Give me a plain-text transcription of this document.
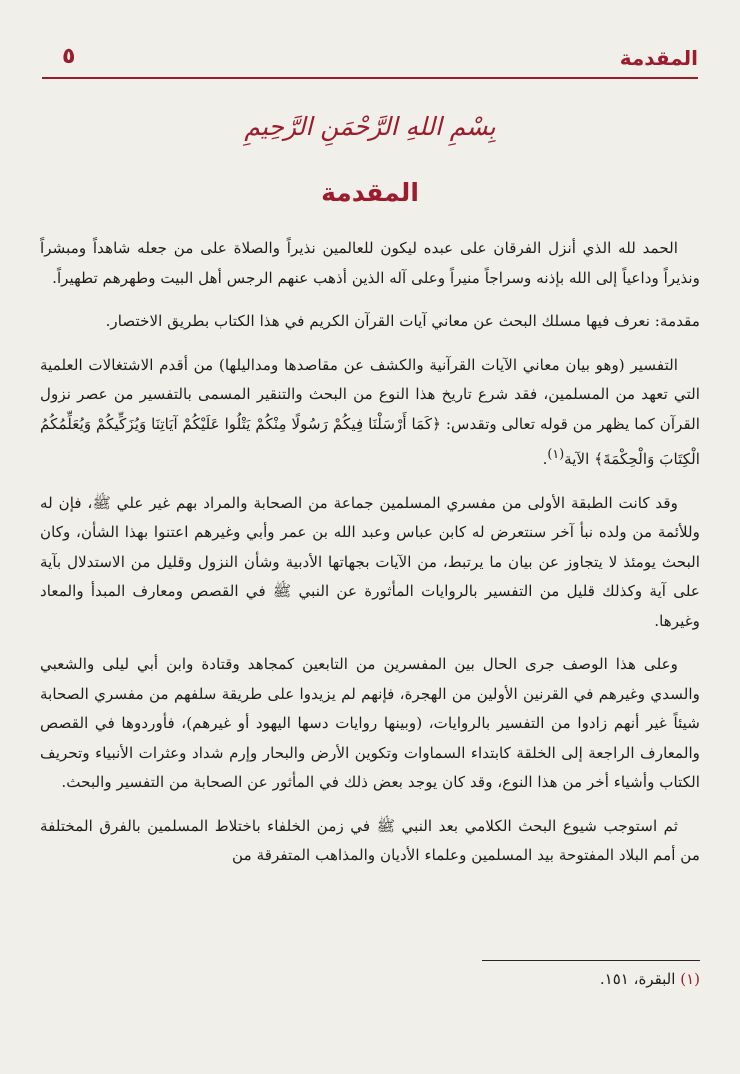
المقدمة
٥
بِسْمِ اللهِ الرَّحْمَنِ الرَّحِيمِ
المقدمة

الحمد لله الذي أنزل الفرقان على عبده ليكون للعالمين نذيراً والصلاة على من جعله شاهداً ومبشراً ونذيراً وداعياً إلى الله بإذنه وسراجاً منيراً وعلى آله الذين أذهب عنهم الرجس أهل البيت وطهرهم تطهيراً.

مقدمة: نعرف فيها مسلك البحث عن معاني آيات القرآن الكريم في هذا الكتاب بطريق الاختصار.

التفسير (وهو بيان معاني الآيات القرآنية والكشف عن مقاصدها ومداليلها) من أقدم الاشتغالات العلمية التي تعهد من المسلمين، فقد شرع تاريخ هذا النوع من البحث والتنقير المسمى بالتفسير من عصر نزول القرآن كما يظهر من قوله تعالى وتقدس: ﴿كَمَا أَرْسَلْنَا فِيكُمْ رَسُولًا مِنْكُمْ يَتْلُوا عَلَيْكُمْ آيَاتِنَا وَيُزَكِّيكُمْ وَيُعَلِّمُكُمُ الْكِتَابَ وَالْحِكْمَةَ﴾ الآية$^{(١)}$.

وقد كانت الطبقة الأولى من مفسري المسلمين جماعة من الصحابة والمراد بهم غير علي ﷺ، فإن له وللأئمة من ولده نبأ آخر سنتعرض له كابن عباس وعبد الله بن عمر وأبي وغيرهم اعتنوا بهذا الشأن، وكان البحث يومئذ لا يتجاوز عن بيان ما يرتبط، من الآيات بجهاتها الأدبية وشأن النزول وقليل من الاستدلال بآية على آية وكذلك قليل من التفسير بالروايات المأثورة عن النبي ﷺ في القصص ومعارف المبدأ والمعاد وغيرها.

وعلى هذا الوصف جرى الحال بين المفسرين من التابعين كمجاهد وقتادة وابن أبي ليلى والشعبي والسدي وغيرهم في القرنين الأولين من الهجرة، فإنهم لم يزيدوا على طريقة سلفهم من مفسري الصحابة شيئاً غير أنهم زادوا من التفسير بالروايات، (وبينها روايات دسها اليهود أو غيرهم)، فأوردوها في القصص والمعارف الراجعة إلى الخلقة كابتداء السماوات وتكوين الأرض والبحار وإرم شداد وعثرات الأنبياء وتحريف الكتاب وأشياء أخر من هذا النوع، وقد كان يوجد بعض ذلك في المأثور عن الصحابة من التفسير والبحث.

ثم استوجب شيوع البحث الكلامي بعد النبي ﷺ في زمن الخلفاء باختلاط المسلمين بالفرق المختلفة من أمم البلاد المفتوحة بيد المسلمين وعلماء الأديان والمذاهب المتفرقة من

(١) البقرة، ١٥١.
